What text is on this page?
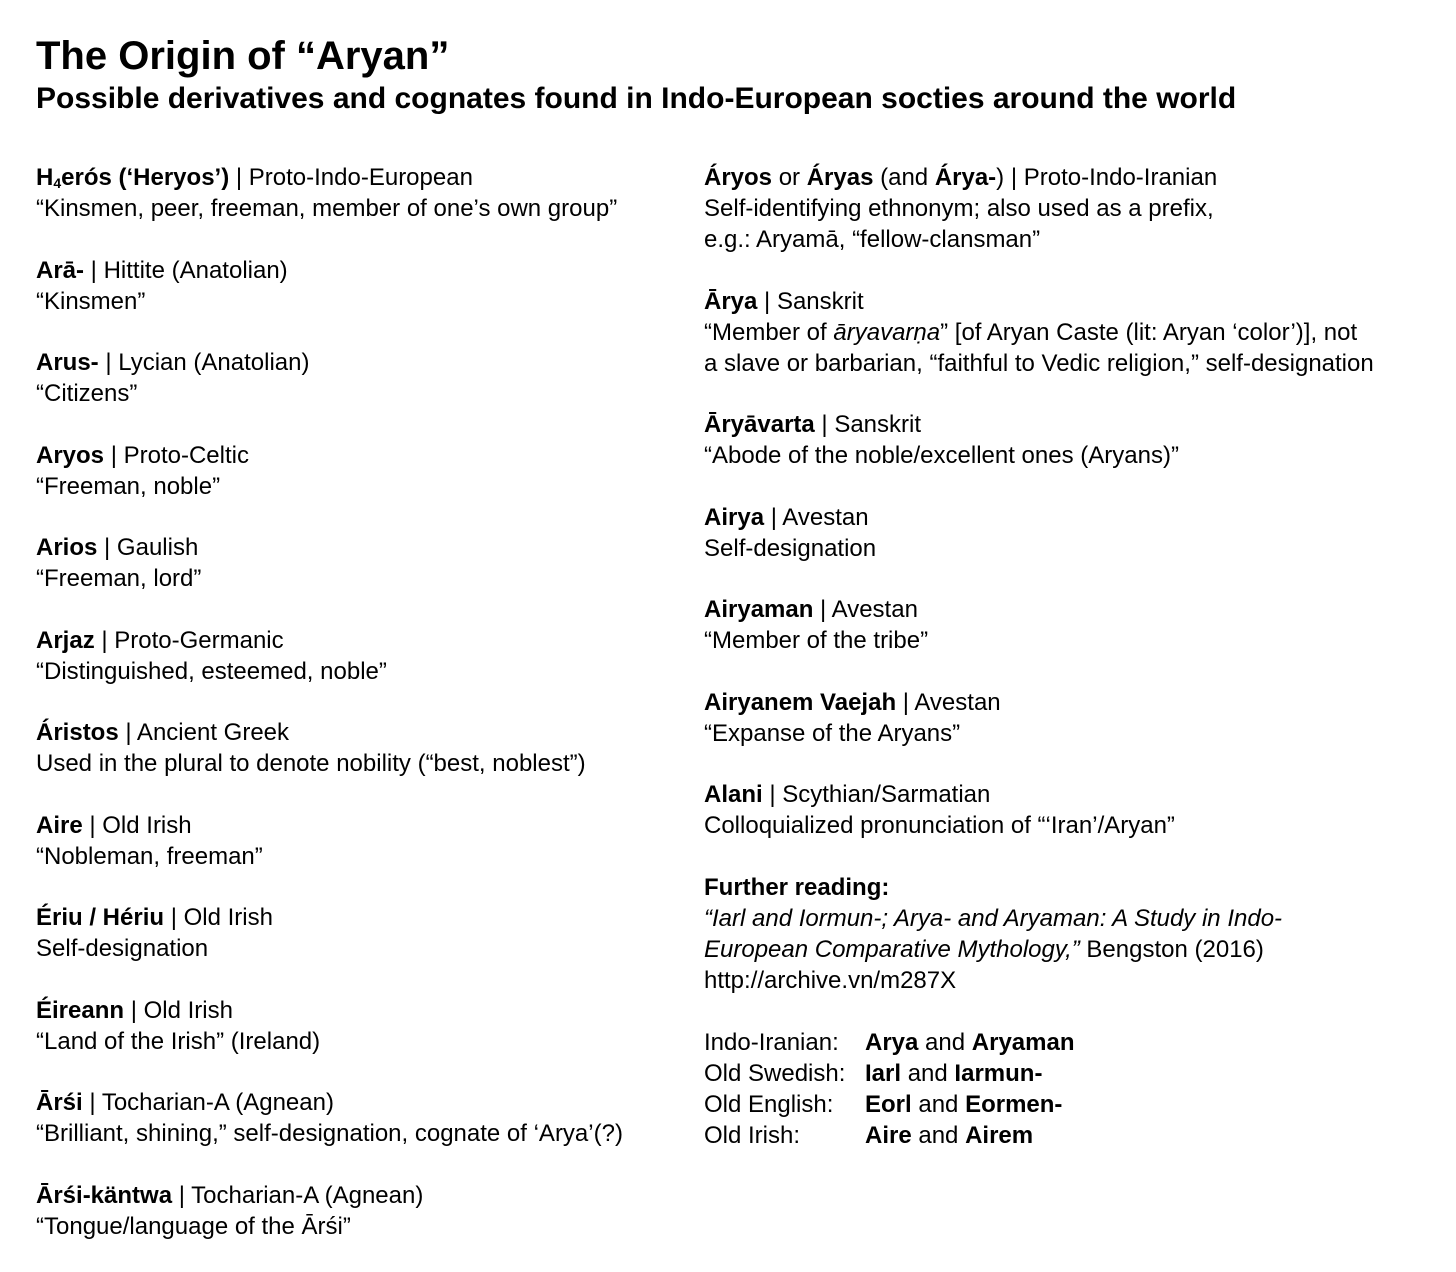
The Origin of “Aryan”
Possible derivatives and cognates found in Indo-European socties around the world
$H_4erós$ (‘Heryos’) | Proto-Indo-European
“Kinsmen, peer, freeman, member of one’s own group”
Arā- | Hittite (Anatolian)
“Kinsmen”
Arus- | Lycian (Anatolian)
“Citizens”
Aryos | Proto-Celtic
“Freeman, noble”
Arios | Gaulish
“Freeman, lord”
Arjaz | Proto-Germanic
“Distinguished, esteemed, noble”
Áristos | Ancient Greek
Used in the plural to denote nobility (“best, noblest”)
Aire | Old Irish
“Nobleman, freeman”
Ériu / Hériu | Old Irish
Self-designation
Éireann | Old Irish
“Land of the Irish” (Ireland)
Ārśi | Tocharian-A (Agnean)
“Brilliant, shining,” self-designation, cognate of ‘Arya’(?)
Ārśi-käntwa | Tocharian-A (Agnean)
“Tongue/language of the Ārśi”
Áryos or Áryas (and Árya-) | Proto-Indo-Iranian
Self-identifying ethnonym; also used as a prefix,
e.g.: Aryamā, “fellow-clansman”
Ārya | Sanskrit
“Member of āryavarṇa” [of Aryan Caste (lit: Aryan ‘color’)], not
a slave or barbarian, “faithful to Vedic religion,” self-designation
Āryāvarta | Sanskrit
“Abode of the noble/excellent ones (Aryans)”
Airya | Avestan
Self-designation
Airyaman | Avestan
“Member of the tribe”
Airyanem Vaejah | Avestan
“Expanse of the Aryans”
Alani | Scythian/Sarmatian
Colloquialized pronunciation of “‘Iran’/Aryan”
Further reading:
“Iarl and Iormun-; Arya- and Aryaman: A Study in Indo-
European Comparative Mythology,” Bengston (2016)
http://archive.vn/m287X
Indo-Iranian:	Arya and Aryaman
Old Swedish: Iarl and Iarmun-
Old English:	Eorl and Eormen-
Old Irish:	Aire and Airem
